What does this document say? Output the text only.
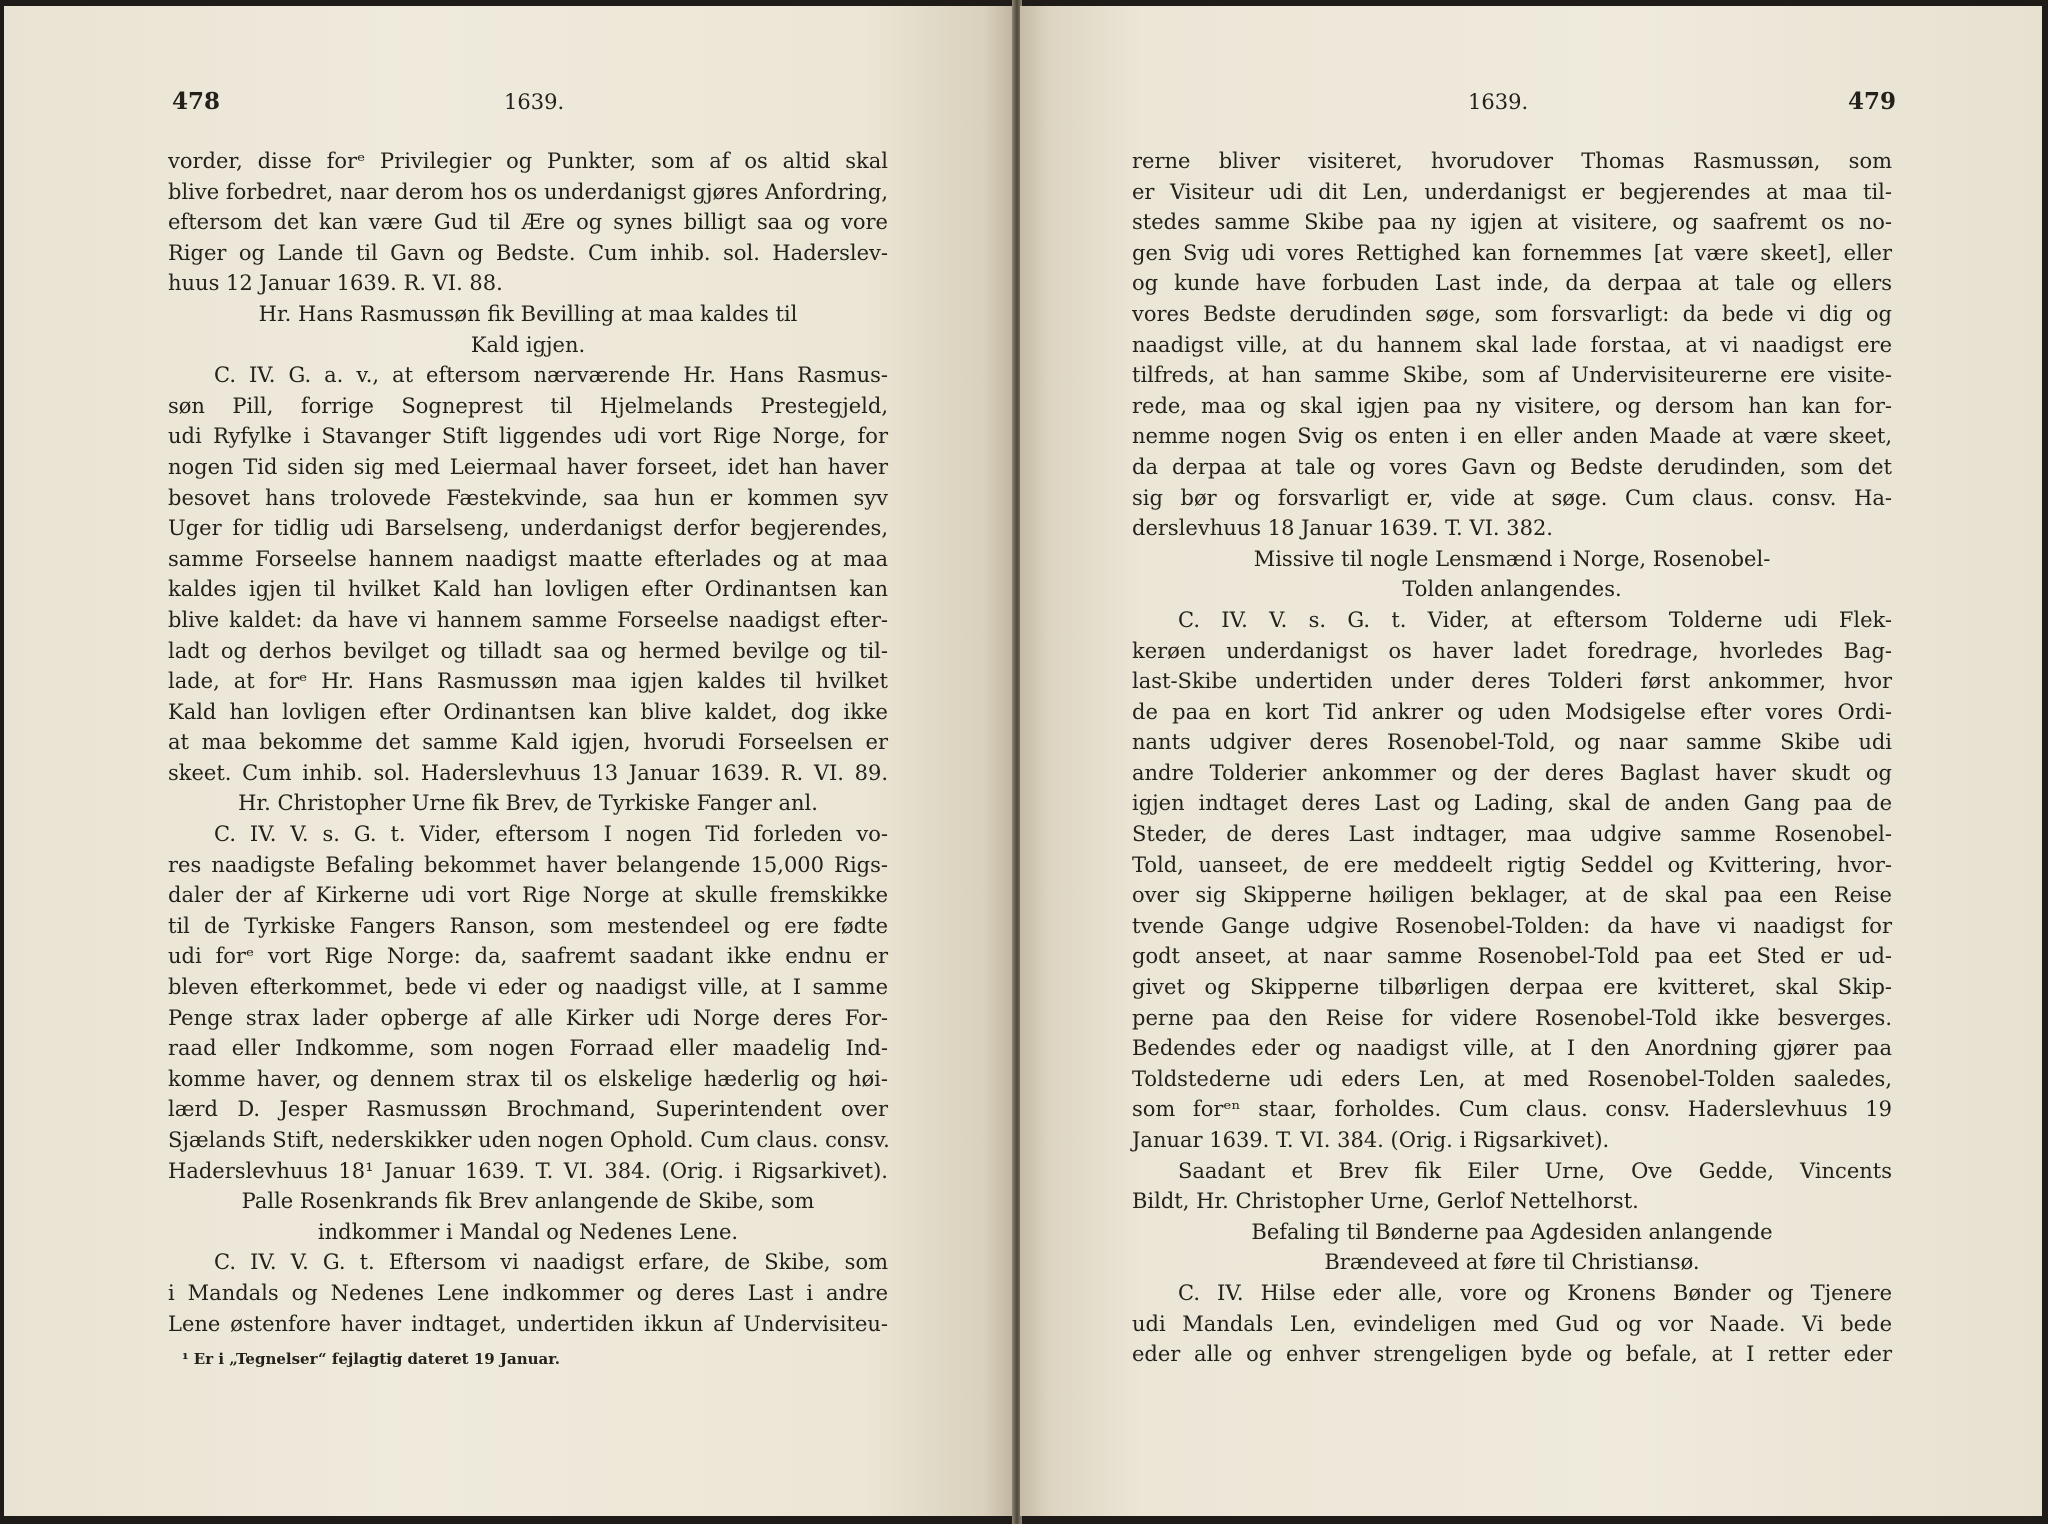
478	1639.
vorder, disse forᵉ Privilegier og Punkter, som af os altid skal
blive forbedret, naar derom hos os underdanigst gjøres Anfordring,
eftersom det kan være Gud til Ære og synes billigt saa og vore
Riger og Lande til Gavn og Bedste. Cum inhib. sol. Haderslev-
huus 12 Januar 1639. R. VI. 88.
Hr. Hans Rasmussøn fik Bevilling at maa kaldes til
Kald igjen.
C. IV. G. a. v., at eftersom nærværende Hr. Hans Rasmus-
søn Pill, forrige Sogneprest til Hjelmelands Prestegjeld,
udi Ryfylke i Stavanger Stift liggendes udi vort Rige Norge, for
nogen Tid siden sig med Leiermaal haver forseet, idet han haver
besovet hans trolovede Fæstekvinde, saa hun er kommen syv
Uger for tidlig udi Barselseng, underdanigst derfor begjerendes,
samme Forseelse hannem naadigst maatte efterlades og at maa
kaldes igjen til hvilket Kald han lovligen efter Ordinantsen kan
blive kaldet: da have vi hannem samme Forseelse naadigst efter-
ladt og derhos bevilget og tilladt saa og hermed bevilge og til-
lade, at forᵉ Hr. Hans Rasmussøn maa igjen kaldes til hvilket
Kald han lovligen efter Ordinantsen kan blive kaldet, dog ikke
at maa bekomme det samme Kald igjen, hvorudi Forseelsen er
skeet. Cum inhib. sol. Haderslevhuus 13 Januar 1639. R. VI. 89.
Hr. Christopher Urne fik Brev, de Tyrkiske Fanger anl.
C. IV. V. s. G. t. Vider, eftersom I nogen Tid forleden vo-
res naadigste Befaling bekommet haver belangende 15,000 Rigs-
daler der af Kirkerne udi vort Rige Norge at skulle fremskikke
til de Tyrkiske Fangers Ranson, som mestendeel og ere fødte
udi forᵉ vort Rige Norge: da, saafremt saadant ikke endnu er
bleven efterkommet, bede vi eder og naadigst ville, at I samme
Penge strax lader opberge af alle Kirker udi Norge deres For-
raad eller Indkomme, som nogen Forraad eller maadelig Ind-
komme haver, og dennem strax til os elskelige hæderlig og høi-
lærd D. Jesper Rasmussøn Brochmand, Superintendent over
Sjælands Stift, nederskikker uden nogen Ophold. Cum claus. consv.
Haderslevhuus 18¹ Januar 1639. T. VI. 384. (Orig. i Rigsarkivet).
Palle Rosenkrands fik Brev anlangende de Skibe, som
indkommer i Mandal og Nedenes Lene.
C. IV. V. G. t. Eftersom vi naadigst erfare, de Skibe, som
i Mandals og Nedenes Lene indkommer og deres Last i andre
Lene østenfore haver indtaget, undertiden ikkun af Undervisiteu-
¹ Er i „Tegnelser“ fejlagtig dateret 19 Januar.
1639.	479
rerne bliver visiteret, hvorudover Thomas Rasmussøn, som
er Visiteur udi dit Len, underdanigst er begjerendes at maa til-
stedes samme Skibe paa ny igjen at visitere, og saafremt os no-
gen Svig udi vores Rettighed kan fornemmes [at være skeet], eller
og kunde have forbuden Last inde, da derpaa at tale og ellers
vores Bedste derudinden søge, som forsvarligt: da bede vi dig og
naadigst ville, at du hannem skal lade forstaa, at vi naadigst ere
tilfreds, at han samme Skibe, som af Undervisiteurerne ere visite-
rede, maa og skal igjen paa ny visitere, og dersom han kan for-
nemme nogen Svig os enten i en eller anden Maade at være skeet,
da derpaa at tale og vores Gavn og Bedste derudinden, som det
sig bør og forsvarligt er, vide at søge. Cum claus. consv. Ha-
derslevhuus 18 Januar 1639. T. VI. 382.
Missive til nogle Lensmænd i Norge, Rosenobel-
Tolden anlangendes.
C. IV. V. s. G. t. Vider, at eftersom Tolderne udi Flek-
kerøen underdanigst os haver ladet foredrage, hvorledes Bag-
last-Skibe undertiden under deres Tolderi først ankommer, hvor
de paa en kort Tid ankrer og uden Modsigelse efter vores Ordi-
nants udgiver deres Rosenobel-Told, og naar samme Skibe udi
andre Tolderier ankommer og der deres Baglast haver skudt og
igjen indtaget deres Last og Lading, skal de anden Gang paa de
Steder, de deres Last indtager, maa udgive samme Rosenobel-
Told, uanseet, de ere meddeelt rigtig Seddel og Kvittering, hvor-
over sig Skipperne høiligen beklager, at de skal paa een Reise
tvende Gange udgive Rosenobel-Tolden: da have vi naadigst for
godt anseet, at naar samme Rosenobel-Told paa eet Sted er ud-
givet og Skipperne tilbørligen derpaa ere kvitteret, skal Skip-
perne paa den Reise for videre Rosenobel-Told ikke besverges.
Bedendes eder og naadigst ville, at I den Anordning gjører paa
Toldstederne udi eders Len, at med Rosenobel-Tolden saaledes,
som forᵉⁿ staar, forholdes. Cum claus. consv. Haderslevhuus 19
Januar 1639. T. VI. 384. (Orig. i Rigsarkivet).
Saadant et Brev fik Eiler Urne, Ove Gedde, Vincents
Bildt, Hr. Christopher Urne, Gerlof Nettelhorst.
Befaling til Bønderne paa Agdesiden anlangende
Brændeveed at føre til Christiansø.
C. IV. Hilse eder alle, vore og Kronens Bønder og Tjenere
udi Mandals Len, evindeligen med Gud og vor Naade. Vi bede
eder alle og enhver strengeligen byde og befale, at I retter eder
